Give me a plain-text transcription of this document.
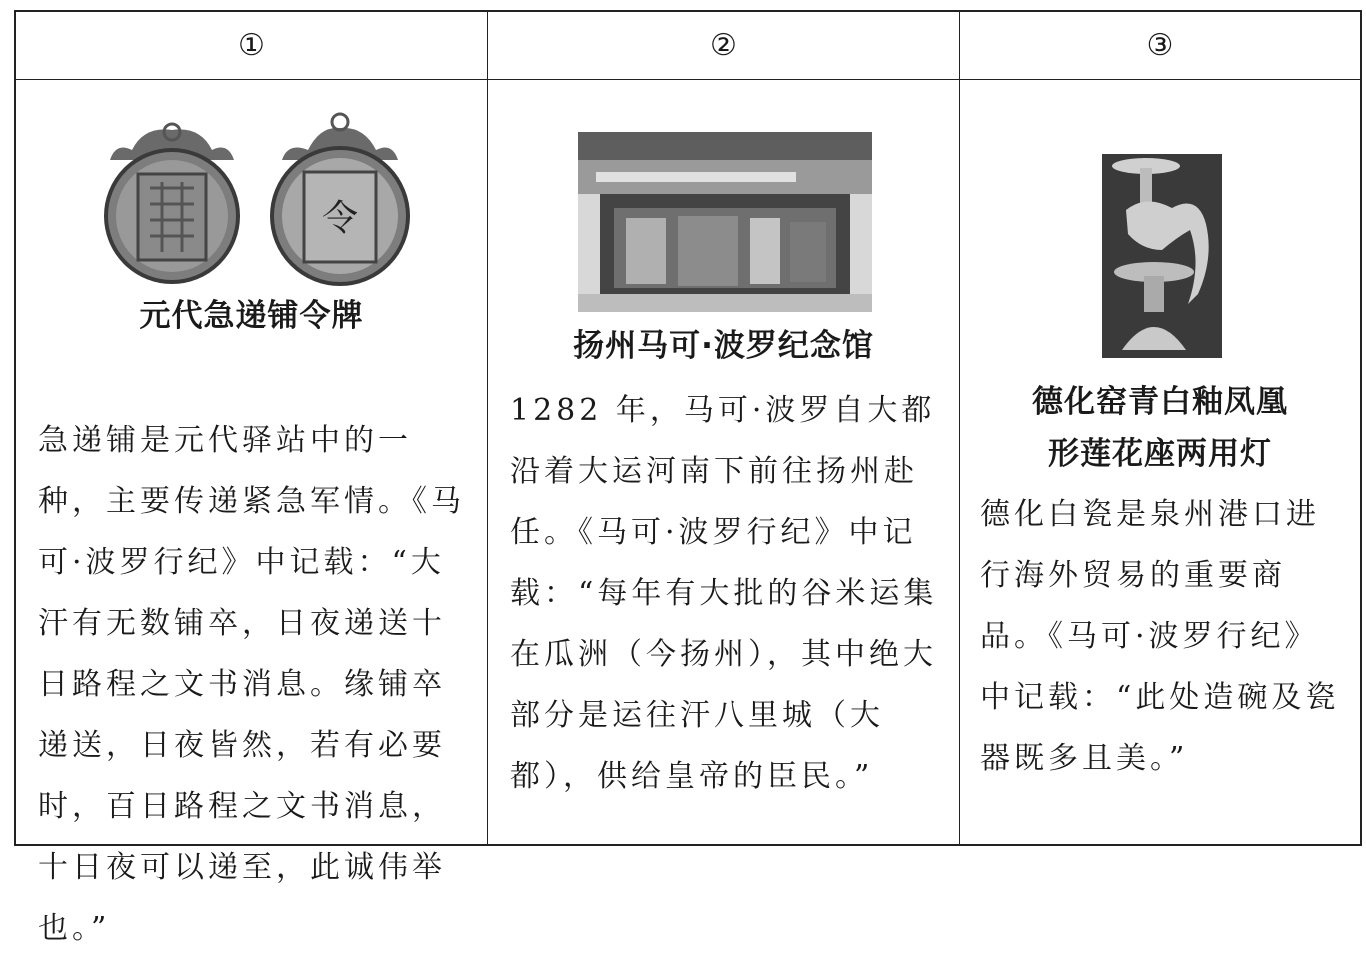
①	②	③
令
元代急递铺令牌
急递铺是元代驿站中的一种，主要传递紧急军情。《马可·波罗行纪》中记载：“大汗有无数铺卒，日夜递送十日路程之文书消息。缘铺卒递送，日夜皆然，若有必要时，百日路程之文书消息，十日夜可以递至，此诚伟举也。”
扬州马可·波罗纪念馆
1282 年，马可·波罗自大都沿着大运河南下前往扬州赴任。《马可·波罗行纪》中记载：“每年有大批的谷米运集在瓜洲（今扬州），其中绝大部分是运往汗八里城（大都），供给皇帝的臣民。”
德化窑青白釉凤凰
形莲花座两用灯
德化白瓷是泉州港口进行海外贸易的重要商品。《马可·波罗行纪》中记载：“此处造碗及瓷器既多且美。”
